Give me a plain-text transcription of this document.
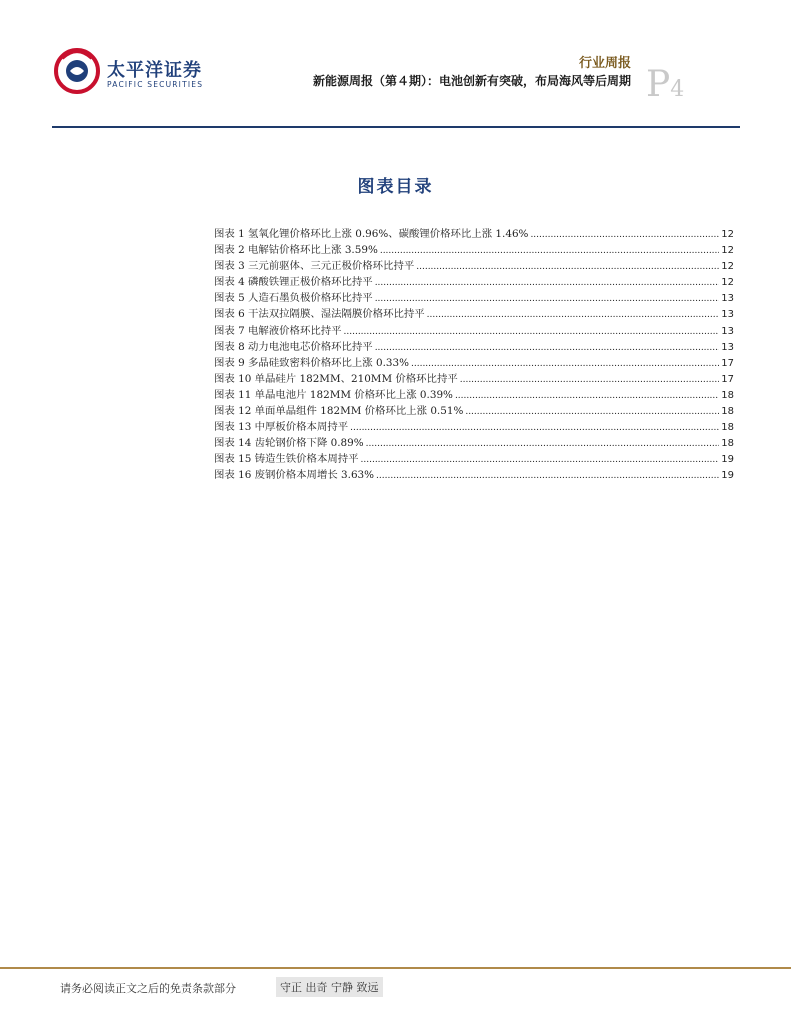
太平洋证券
PACIFIC SECURITIES
行业周报
新能源周报（第４期）：电池创新有突破，布局海风等后周期 P4
图表目录
图表 1 氢氧化锂价格环比上涨 0.96%、碳酸锂价格环比上涨 1.46% .....	12
图表 2 电解钴价格环比上涨 3.59% .....	12
图表 3 三元前驱体、三元正极价格环比持平 .....	12
图表 4 磷酸铁锂正极价格环比持平 .....	12
图表 5 人造石墨负极价格环比持平 .....	13
图表 6 干法双拉隔膜、湿法隔膜价格环比持平 .....	13
图表 7 电解液价格环比持平 .....	13
图表 8 动力电池电芯价格环比持平 .....	13
图表 9 多晶硅致密料价格环比上涨 0.33% .....	17
图表 10 单晶硅片 182MM、210MM 价格环比持平 .....	17
图表 11 单晶电池片 182MM 价格环比上涨 0.39% .....	18
图表 12 单面单晶组件 182MM 价格环比上涨 0.51% .....	18
图表 13 中厚板价格本周持平 .....	18
图表 14 齿轮钢价格下降 0.89% .....	18
图表 15 铸造生铁价格本周持平 .....	19
图表 16 废钢价格本周增长 3.63% .....	19
请务必阅读正文之后的免责条款部分	守正 出奇 宁静 致远
